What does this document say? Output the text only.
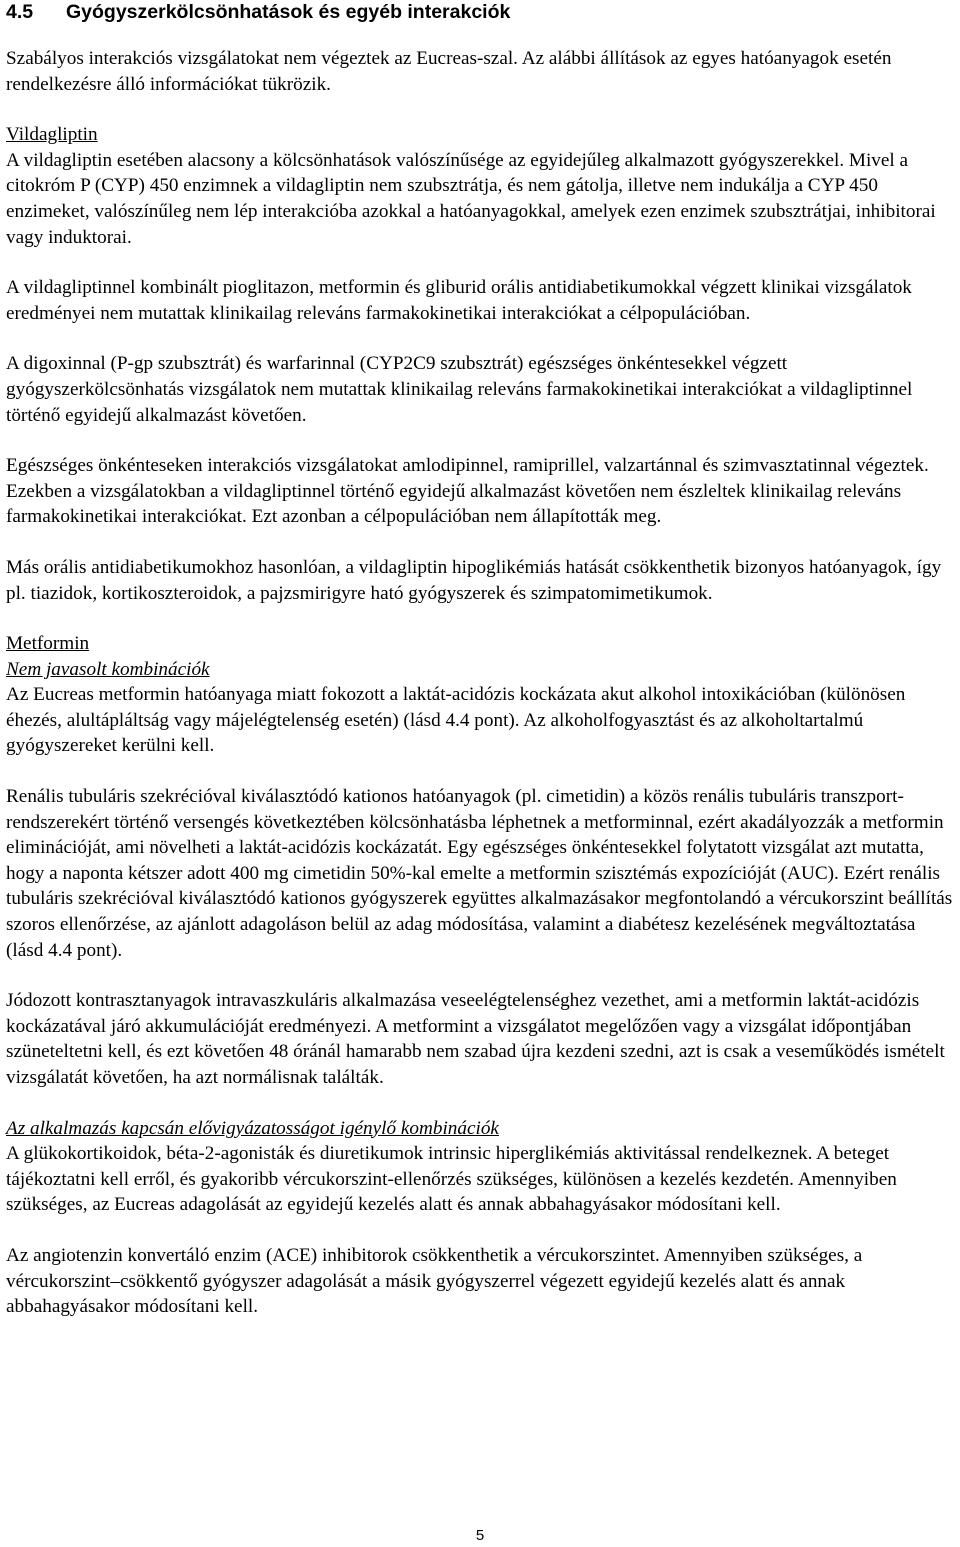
4.5 Gyógyszerkölcsönhatások és egyéb interakciók

Szabályos interakciós vizsgálatokat nem végeztek az Eucreas-szal. Az alábbi állítások az egyes hatóanyagok esetén rendelkezésre álló információkat tükrözik.

Vildagliptin

A vildagliptin esetében alacsony a kölcsönhatások valószínűsége az egyidejűleg alkalmazott gyógyszerekkel. Mivel a citokróm P (CYP) 450 enzimnek a vildagliptin nem szubsztrátja, és nem gátolja, illetve nem indukálja a CYP 450 enzimeket, valószínűleg nem lép interakcióba azokkal a hatóanyagokkal, amelyek ezen enzimek szubsztrátjai, inhibitorai vagy induktorai.

A vildagliptinnel kombinált pioglitazon, metformin és gliburid orális antidiabetikumokkal végzett klinikai vizsgálatok eredményei nem mutattak klinikailag releváns farmakokinetikai interakciókat a célpopulációban.

A digoxinnal (P-gp szubsztrát) és warfarinnal (CYP2C9 szubsztrát) egészséges önkéntesekkel végzett gyógyszerkölcsönhatás vizsgálatok nem mutattak klinikailag releváns farmakokinetikai interakciókat a vildagliptinnel történő egyidejű alkalmazást követően.

Egészséges önkénteseken interakciós vizsgálatokat amlodipinnel, ramiprillel, valzartánnal és szimvasztatinnal végeztek. Ezekben a vizsgálatokban a vildagliptinnel történő egyidejű alkalmazást követően nem észleltek klinikailag releváns farmakokinetikai interakciókat. Ezt azonban a célpopulációban nem állapították meg.

Más orális antidiabetikumokhoz hasonlóan, a vildagliptin hipoglikémiás hatását csökkenthetik bizonyos hatóanyagok, így pl. tiazidok, kortikoszteroidok, a pajzsmirigyre ható gyógyszerek és szimpatomimetikumok.

Metformin

Nem javasolt kombinációk

Az Eucreas metformin hatóanyaga miatt fokozott a laktát-acidózis kockázata akut alkohol intoxikációban (különösen éhezés, alultápláltság vagy májelégtelenség esetén) (lásd 4.4 pont). Az alkoholfogyasztást és az alkoholtartalmú gyógyszereket kerülni kell.

Renális tubuláris szekrécióval kiválasztódó kationos hatóanyagok (pl. cimetidin) a közös renális tubuláris transzport-rendszerekért történő versengés következtében kölcsönhatásba léphetnek a metforminnal, ezért akadályozzák a metformin eliminációját, ami növelheti a laktát-acidózis kockázatát. Egy egészséges önkéntesekkel folytatott vizsgálat azt mutatta, hogy a naponta kétszer adott 400 mg cimetidin 50%-kal emelte a metformin szisztémás expozícióját (AUC). Ezért renális tubuláris szekrécióval kiválasztódó kationos gyógyszerek együttes alkalmazásakor megfontolandó a vércukorszint beállítás szoros ellenőrzése, az ajánlott adagoláson belül az adag módosítása, valamint a diabétesz kezelésének megváltoztatása (lásd 4.4 pont).

Jódozott kontrasztanyagok intravaszkuláris alkalmazása veseelégtelenséghez vezethet, ami a metformin laktát-acidózis kockázatával járó akkumulációját eredményezi. A metformint a vizsgálatot megelőzően vagy a vizsgálat időpontjában szüneteltetni kell, és ezt követően 48 óránál hamarabb nem szabad újra kezdeni szedni, azt is csak a veseműködés ismételt vizsgálatát követően, ha azt normálisnak találták.

Az alkalmazás kapcsán elővigyázatosságot igénylő kombinációk

A glükokortikoidok, béta-2-agonisták és diuretikumok intrinsic hiperglikémiás aktivitással rendelkeznek. A beteget tájékoztatni kell erről, és gyakoribb vércukorszint-ellenőrzés szükséges, különösen a kezelés kezdetén. Amennyiben szükséges, az Eucreas adagolását az egyidejű kezelés alatt és annak abbahagyásakor módosítani kell.

Az angiotenzin konvertáló enzim (ACE) inhibitorok csökkenthetik a vércukorszintet. Amennyiben szükséges, a vércukorszint–csökkentő gyógyszer adagolását a másik gyógyszerrel végezett egyidejű kezelés alatt és annak abbahagyásakor módosítani kell.

5
